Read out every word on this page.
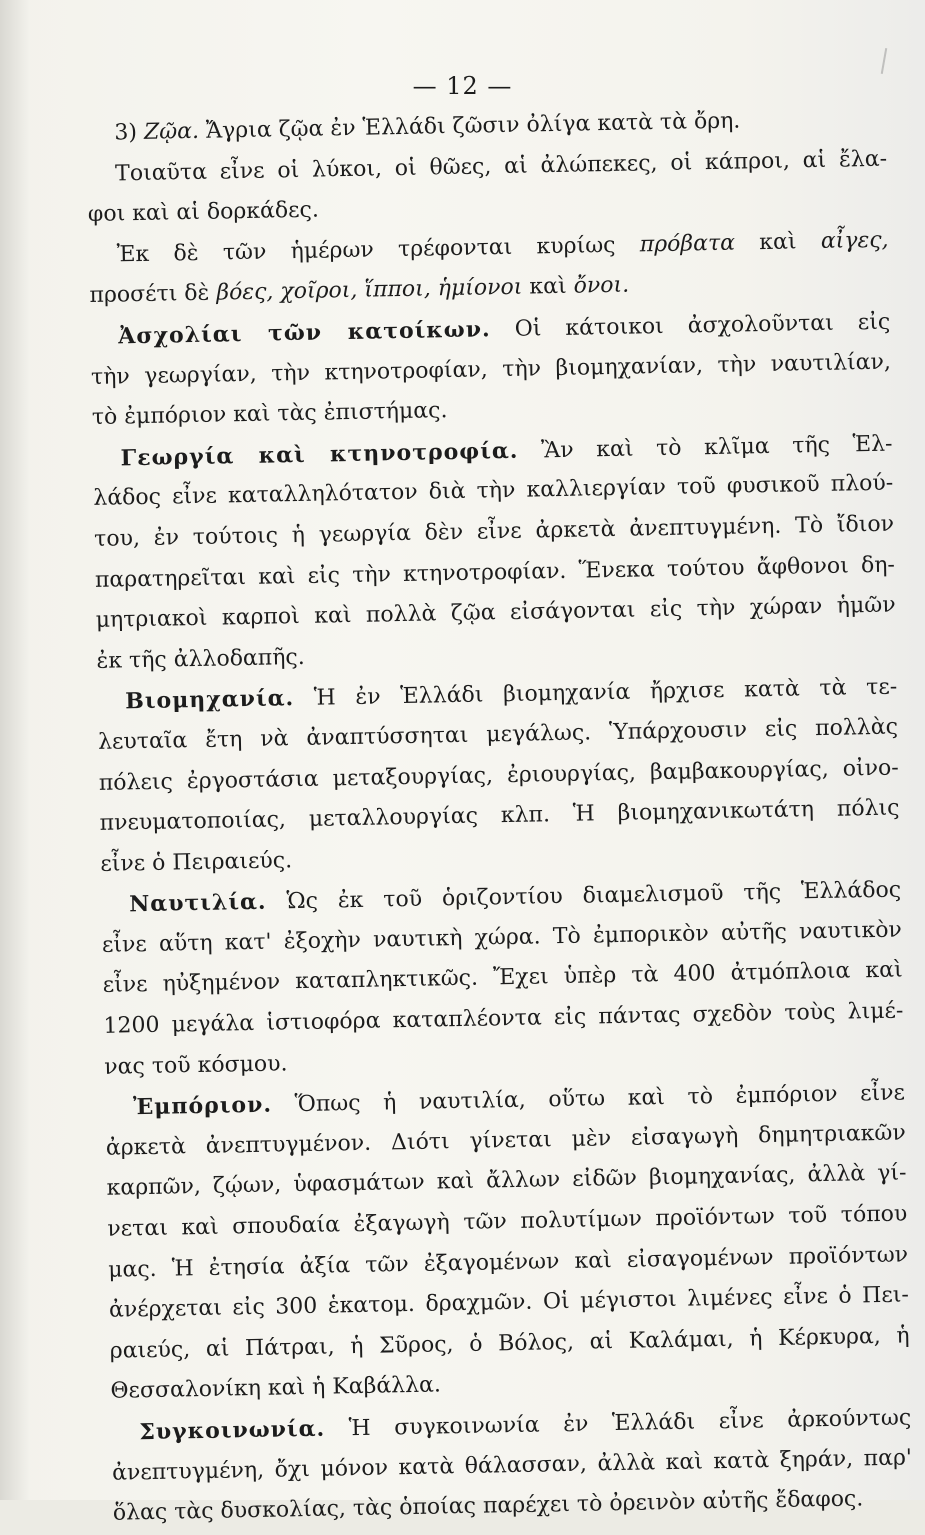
— 12 —
3) Ζῷα. Ἄγρια ζῷα ἐν Ἑλλάδι ζῶσιν ὀλίγα κατὰ τὰ ὄρη.
Τοιαῦτα εἶνε οἱ λύκοι, οἱ θῶες, αἱ ἀλώπεκες, οἱ κάπροι, αἱ ἔλα-
φοι καὶ αἱ δορκάδες.
Ἐκ δὲ τῶν ἡμέρων τρέφονται κυρίως πρόβατα καὶ αἶγες,
προσέτι δὲ βόες, χοῖροι, ἵπποι, ἡμίονοι καὶ ὄνοι.
Ἀσχολίαι τῶν κατοίκων. Οἱ κάτοικοι ἀσχολοῦνται εἰς
τὴν γεωργίαν, τὴν κτηνοτροφίαν, τὴν βιομηχανίαν, τὴν ναυτιλίαν,
τὸ ἐμπόριον καὶ τὰς ἐπιστήμας.
Γεωργία καὶ κτηνοτροφία. Ἂν καὶ τὸ κλῖμα τῆς Ἑλ-
λάδος εἶνε καταλληλότατον διὰ τὴν καλλιεργίαν τοῦ φυσικοῦ πλού-
του, ἐν τούτοις ἡ γεωργία δὲν εἶνε ἀρκετὰ ἀνεπτυγμένη. Τὸ ἴδιον
παρατηρεῖται καὶ εἰς τὴν κτηνοτροφίαν. Ἕνεκα τούτου ἄφθονοι δη-
μητριακοὶ καρποὶ καὶ πολλὰ ζῷα εἰσάγονται εἰς τὴν χώραν ἡμῶν
ἐκ τῆς ἀλλοδαπῆς.
Βιομηχανία. Ἡ ἐν Ἑλλάδι βιομηχανία ἤρχισε κατὰ τὰ τε-
λευταῖα ἔτη νὰ ἀναπτύσσηται μεγάλως. Ὑπάρχουσιν εἰς πολλὰς
πόλεις ἐργοστάσια μεταξουργίας, ἐριουργίας, βαμβακουργίας, οἰνο-
πνευματοποιίας, μεταλλουργίας κλπ. Ἡ βιομηχανικωτάτη πόλις
εἶνε ὁ Πειραιεύς.
Ναυτιλία. Ὡς ἐκ τοῦ ὁριζοντίου διαμελισμοῦ τῆς Ἑλλάδος
εἶνε αὕτη κατ' ἐξοχὴν ναυτικὴ χώρα. Τὸ ἐμπορικὸν αὐτῆς ναυτικὸν
εἶνε ηὐξημένον καταπληκτικῶς. Ἔχει ὑπὲρ τὰ 400 ἀτμόπλοια καὶ
1200 μεγάλα ἱστιοφόρα καταπλέοντα εἰς πάντας σχεδὸν τοὺς λιμέ-
νας τοῦ κόσμου.
Ἐμπόριον. Ὅπως ἡ ναυτιλία, οὕτω καὶ τὸ ἐμπόριον εἶνε
ἀρκετὰ ἀνεπτυγμένον. Διότι γίνεται μὲν εἰσαγωγὴ δημητριακῶν
καρπῶν, ζῴων, ὑφασμάτων καὶ ἄλλων εἰδῶν βιομηχανίας, ἀλλὰ γί-
νεται καὶ σπουδαία ἐξαγωγὴ τῶν πολυτίμων προϊόντων τοῦ τόπου
μας. Ἡ ἐτησία ἀξία τῶν ἐξαγομένων καὶ εἰσαγομένων προϊόντων
ἀνέρχεται εἰς 300 ἑκατομ. δραχμῶν. Οἱ μέγιστοι λιμένες εἶνε ὁ Πει-
ραιεύς, αἱ Πάτραι, ἡ Σῦρος, ὁ Βόλος, αἱ Καλάμαι, ἡ Κέρκυρα, ἡ
Θεσσαλονίκη καὶ ἡ Καβάλλα.
Συγκοινωνία. Ἡ συγκοινωνία ἐν Ἑλλάδι εἶνε ἀρκούντως
ἀνεπτυγμένη, ὄχι μόνον κατὰ θάλασσαν, ἀλλὰ καὶ κατὰ ξηράν, παρ'
ὅλας τὰς δυσκολίας, τὰς ὁποίας παρέχει τὸ ὀρεινὸν αὐτῆς ἔδαφος.
